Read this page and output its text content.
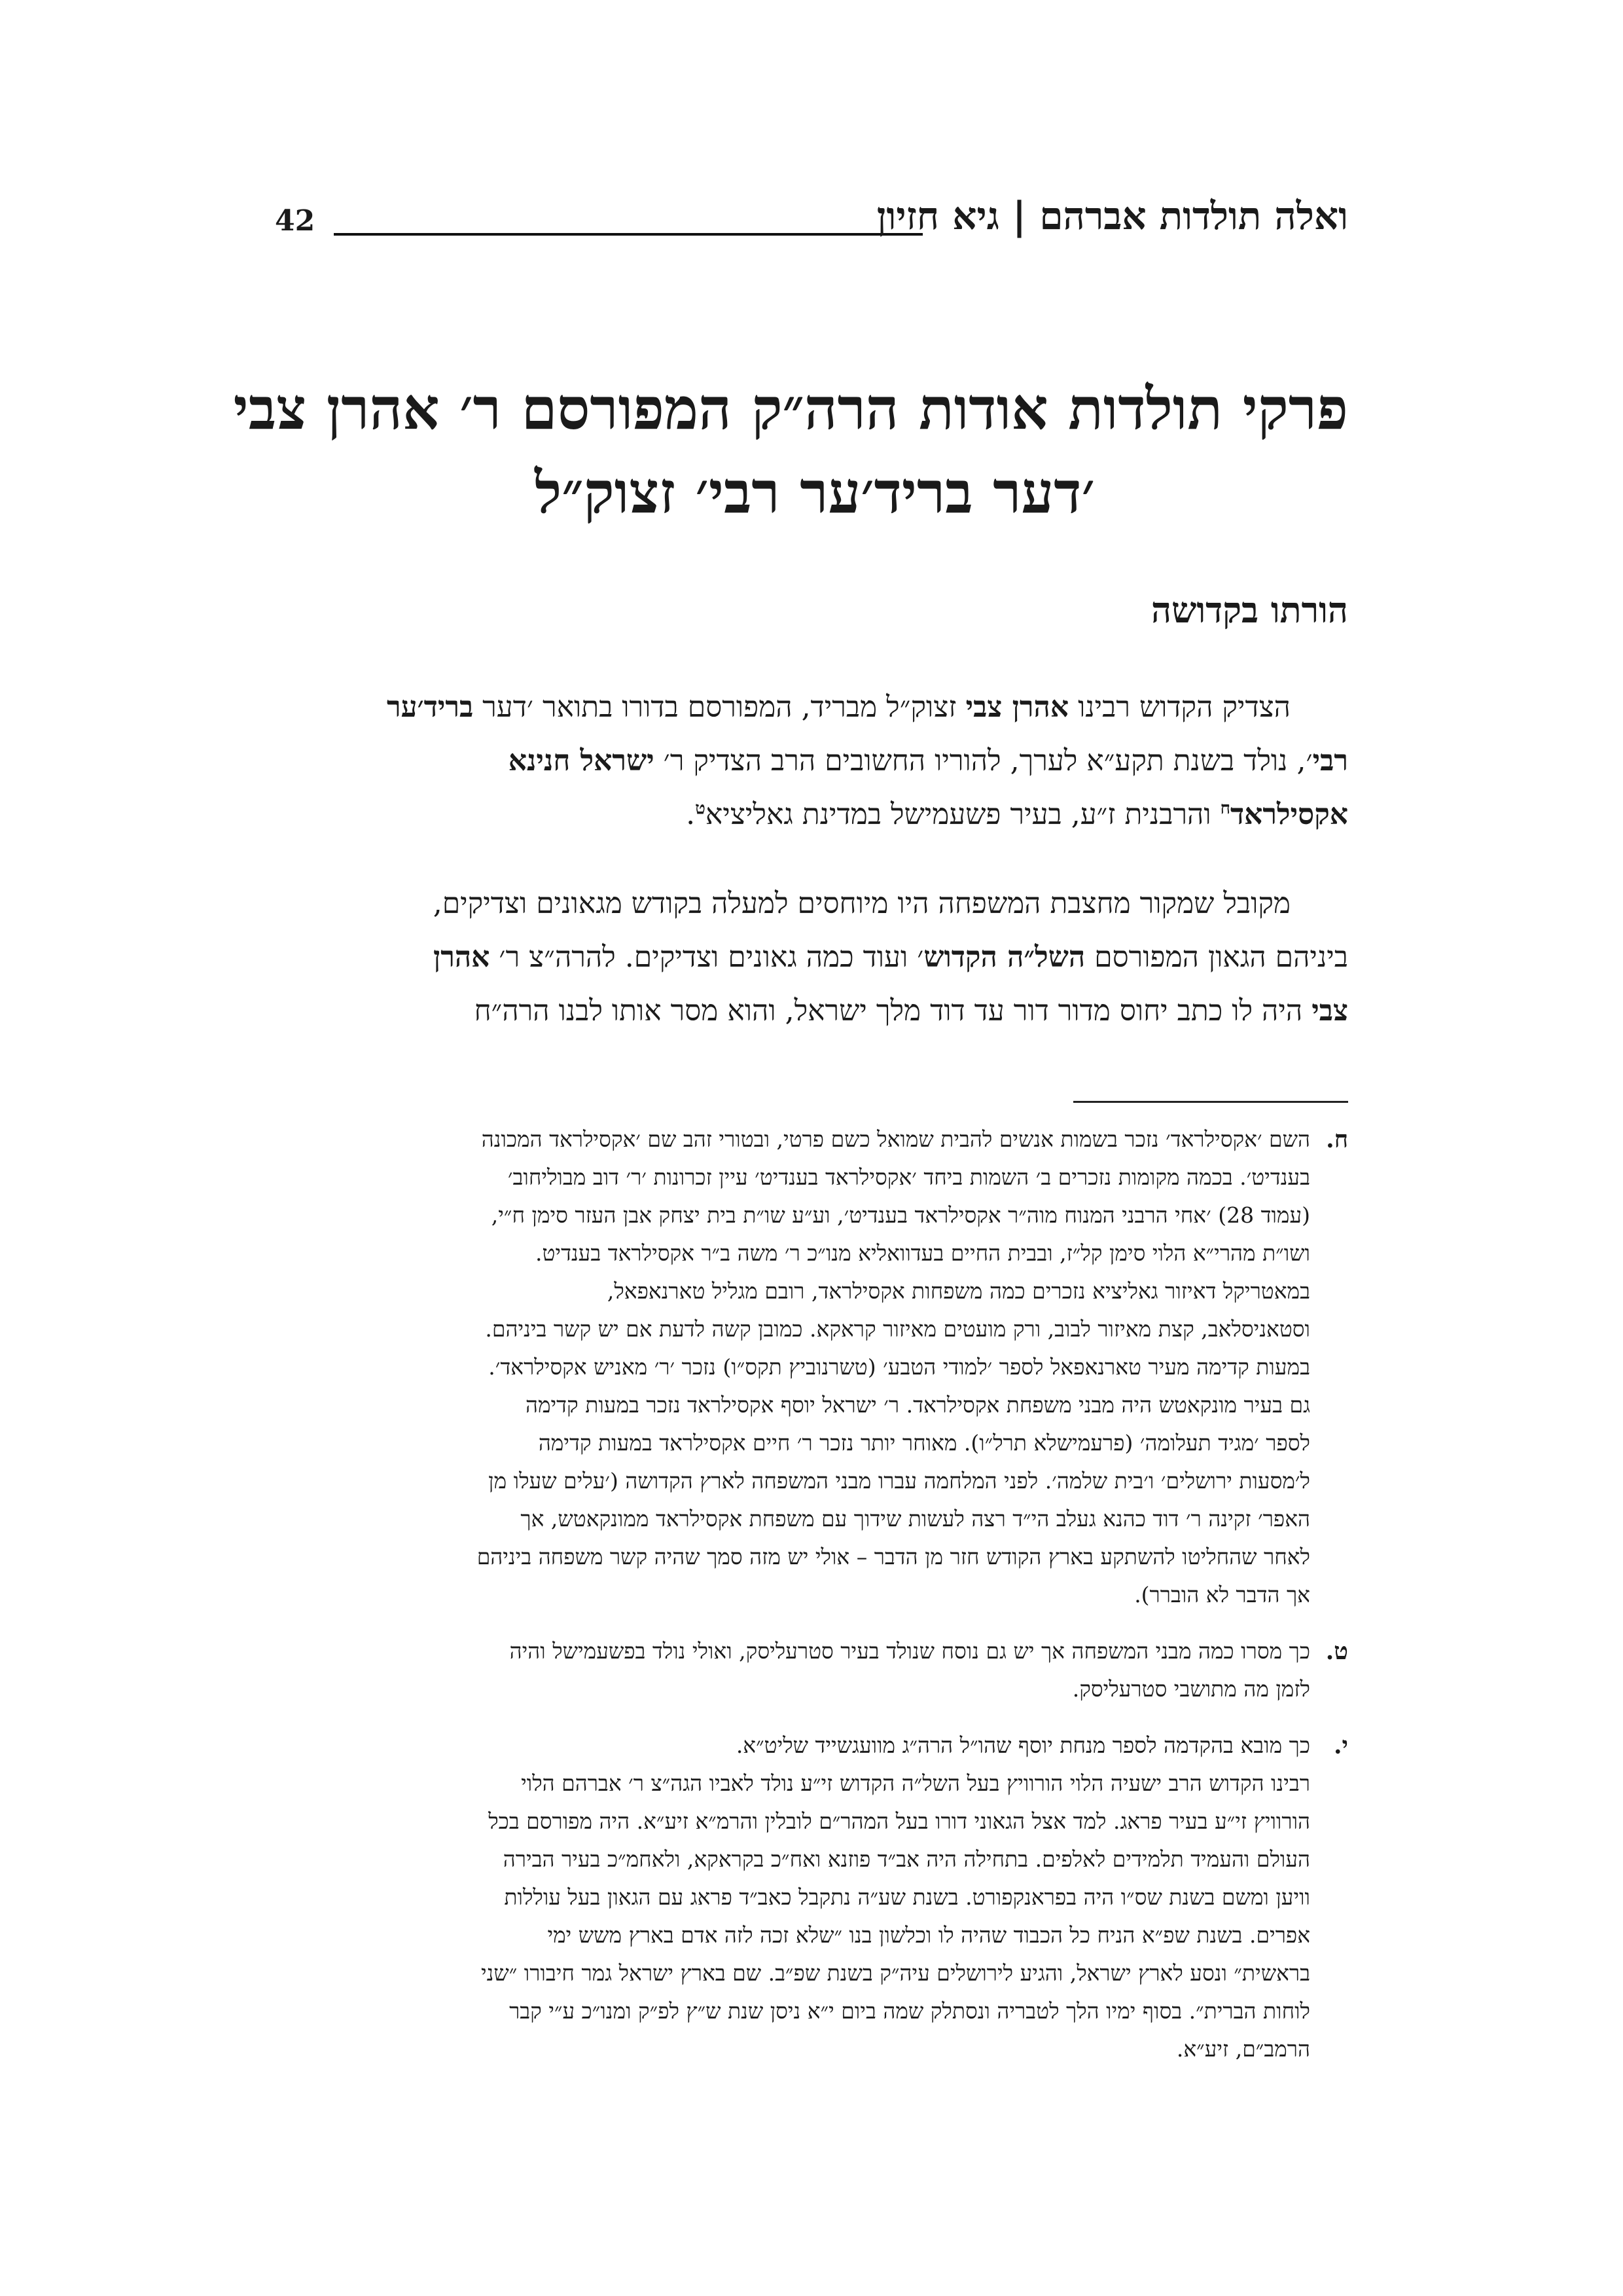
42	ואלה תולדות אברהם | גיא חזיון
פרקי תולדות אודות הרה״ק המפורסם ר׳ אהרן צבי
׳דער בריד׳ער רבי׳ זצוק״ל
הורתו בקדושה
  הצדיק הקדוש רבינו אהרן צבי זצוק״ל מבריד, המפורסם בדורו בתואר ׳דער בריד׳ער
רבי׳, נולד בשנת תקע״א לערך, להוריו החשובים הרב הצדיק ר׳ ישראל חנינא
אקסילראד$^ח$ והרבנית ז״ע, בעיר פשעמישל במדינת גאליציא$^ט$.
  מקובל שמקור מחצבת המשפחה היו מיוחסים למעלה בקודש מגאונים וצדיקים,
ביניהם הגאון המפורסם השל״ה הקדוש׳ ועוד כמה גאונים וצדיקים. להרה״צ ר׳ אהרן
צבי היה לו כתב יחוס מדור דור עד דוד מלך ישראל, והוא מסר אותו לבנו הרה״ח
ח.
השם ׳אקסילראד׳ נזכר בשמות אנשים להבית שמואל כשם פרטי, ובטורי זהב שם ׳אקסילראד המכונה
בענדיט׳. בכמה מקומות נזכרים ב׳ השמות ביחד ׳אקסילראד בענדיט׳ עיין זכרונות ׳ר׳ דוב מבוליחוב׳
(עמוד 28) ׳אחי הרבני המנוח מוה״ר אקסילראד בענדיט׳, וע״ע שו״ת בית יצחק אבן העזר סימן ח״י,
ושו״ת מהרי״א הלוי סימן קל״ז, ובבית החיים בעדוואליא מנו״כ ר׳ משה ב״ר אקסילראד בענדיט.
במאטריקל דאיזור גאליציא נזכרים כמה משפחות אקסילראד, רובם מגליל טארנאפאל,
וסטאניסלאב, קצת מאיזור לבוב, ורק מועטים מאיזור קראקא. כמובן קשה לדעת אם יש קשר ביניהם.
במעות קדימה מעיר טארנאפאל לספר ׳למודי הטבע׳ (טשרנוביץ תקס״ו) נזכר ׳ר׳ מאניש אקסילראד׳.
גם בעיר מונקאטש היה מבני משפחת אקסילראד. ר׳ ישראל יוסף אקסילראד נזכר במעות קדימה
לספר ׳מגיד תעלומה׳ (פרעמישלא תרל״ו). מאוחר יותר נזכר ר׳ חיים אקסילראד במעות קדימה
ל׳מסעות ירושלים׳ ו׳בית שלמה׳. לפני המלחמה עברו מבני המשפחה לארץ הקדושה (׳עלים שעלו מן
האפר׳ זקינה ר׳ דוד כהנא געלב הי״ד רצה לעשות שידוך עם משפחת אקסילראד ממונקאטש, אך
לאחר שהחליטו להשתקע בארץ הקודש חזר מן הדבר – אולי יש מזה סמך שהיה קשר משפחה ביניהם
אך הדבר לא הוברר).
ט.
כך מסרו כמה מבני המשפחה אך יש גם נוסח שנולד בעיר סטרעליסק, ואולי נולד בפשעמישל והיה
לזמן מה מתושבי סטרעליסק.
י.
כך מובא בהקדמה לספר מנחת יוסף שהו״ל הרה״ג מוועגשייד שליט״א.
רבינו הקדוש הרב ישעיה הלוי הורוויץ בעל השל״ה הקדוש זי״ע נולד לאביו הגה״צ ר׳ אברהם הלוי
הורוויץ זי״ע בעיר פראג. למד אצל הגאוני דורו בעל המהר״ם לובלין והרמ״א זיע״א. היה מפורסם בכל
העולם והעמיד תלמידים לאלפים. בתחילה היה אב״ד פוזנא ואח״כ בקראקא, ולאחמ״כ בעיר הבירה
וויען ומשם בשנת שס״ו היה בפראנקפורט. בשנת שע״ה נתקבל כאב״ד פראג עם הגאון בעל עוללות
אפרים. בשנת שפ״א הניח כל הכבוד שהיה לו וכלשון בנו ״שלא זכה לזה אדם בארץ משש ימי
בראשית״ ונסע לארץ ישראל, והגיע לירושלים עיה״ק בשנת שפ״ב. שם בארץ ישראל גמר חיבורו ״שני
לוחות הברית״. בסוף ימיו הלך לטבריה ונסתלק שמה ביום י״א ניסן שנת ש״ץ לפ״ק ומנו״כ ע״י קבר
הרמב״ם, זיע״א.
